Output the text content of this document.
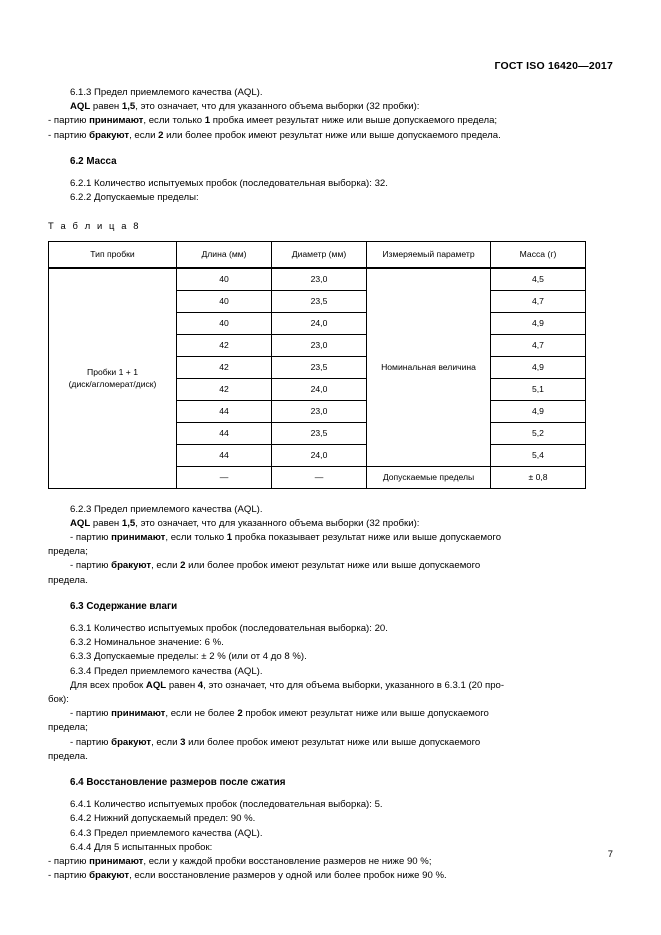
ГОСТ ISO 16420—2017

6.1.3 Предел приемлемого качества (AQL).

AQL равен 1,5, это означает, что для указанного объема выборки (32 пробки):

- партию принимают, если только 1 пробка имеет результат ниже или выше допускаемого предела;

- партию бракуют, если 2 или более пробок имеют результат ниже или выше допускаемого предела.

6.2 Масса

6.2.1 Количество испытуемых пробок (последовательная выборка): 32.

6.2.2 Допускаемые пределы:

Т а б л и ц а 8

Тип пробки	Длина (мм)	Диаметр (мм)	Измеряемый параметр	Масса (г)

Пробки 1 + 1
(диск/агломерат/диск)	40	23,0	Номинальная величина	4,5
	40	23,5		4,7
	40	24,0		4,9
	42	23,0		4,7
	42	23,5		4,9
	42	24,0		5,1
	44	23,0		4,9
	44	23,5		5,2
	44	24,0		5,4
	—	—	Допускаемые пределы	± 0,8

6.2.3 Предел приемлемого качества (AQL).

AQL равен 1,5, это означает, что для указанного объема выборки (32 пробки):

- партию принимают, если только 1 пробка показывает результат ниже или выше допускаемого

предела;

- партию бракуют, если 2 или более пробок имеют результат ниже или выше допускаемого

предела.

6.3 Содержание влаги

6.3.1 Количество испытуемых пробок (последовательная выборка): 20.

6.3.2 Номинальное значение: 6 %.

6.3.3 Допускаемые пределы: ± 2 % (или от 4 до 8 %).

6.3.4 Предел приемлемого качества (AQL).

Для всех пробок AQL равен 4, это означает, что для объема выборки, указанного в 6.3.1 (20 про-

бок):

- партию принимают, если не более 2 пробок имеют результат ниже или выше допускаемого

предела;

- партию бракуют, если 3 или более пробок имеют результат ниже или выше допускаемого

предела.

6.4 Восстановление размеров после сжатия

6.4.1 Количество испытуемых пробок (последовательная выборка): 5.

6.4.2 Нижний допускаемый предел: 90 %.

6.4.3 Предел приемлемого качества (AQL).

6.4.4 Для 5 испытанных пробок:

- партию принимают, если у каждой пробки восстановление размеров не ниже 90 %;

- партию бракуют, если восстановление размеров у одной или более пробок ниже 90 %.

7
